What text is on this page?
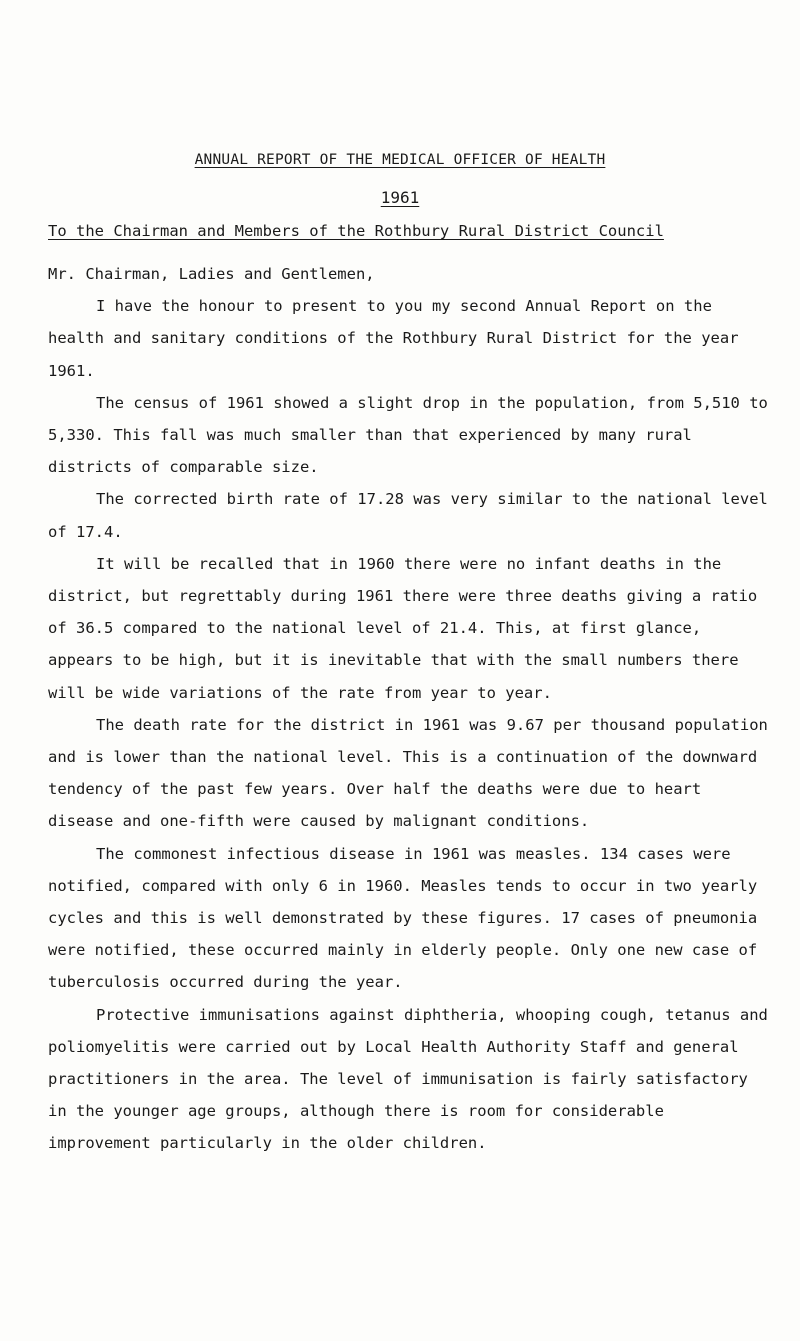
ANNUAL REPORT OF THE MEDICAL OFFICER OF HEALTH
1961
To the Chairman and Members of the Rothbury Rural District Council

Mr. Chairman, Ladies and Gentlemen,

I have the honour to present to you my second Annual Report on the health and sanitary conditions of the Rothbury Rural District for the year 1961.

The census of 1961 showed a slight drop in the population, from 5,510 to 5,330. This fall was much smaller than that experienced by many rural districts of comparable size.

The corrected birth rate of 17.28 was very similar to the national level of 17.4.

It will be recalled that in 1960 there were no infant deaths in the district, but regrettably during 1961 there were three deaths giving a ratio of 36.5 compared to the national level of 21.4. This, at first glance, appears to be high, but it is inevitable that with the small numbers there will be wide variations of the rate from year to year.

The death rate for the district in 1961 was 9.67 per thousand population and is lower than the national level. This is a continuation of the downward tendency of the past few years. Over half the deaths were due to heart disease and one-fifth were caused by malignant conditions.

The commonest infectious disease in 1961 was measles. 134 cases were notified, compared with only 6 in 1960. Measles tends to occur in two yearly cycles and this is well demonstrated by these figures. 17 cases of pneumonia were notified, these occurred mainly in elderly people. Only one new case of tuberculosis occurred during the year.

Protective immunisations against diphtheria, whooping cough, tetanus and poliomyelitis were carried out by Local Health Authority Staff and general practitioners in the area. The level of immunisation is fairly satisfactory in the younger age groups, although there is room for considerable improvement particularly in the older children.
